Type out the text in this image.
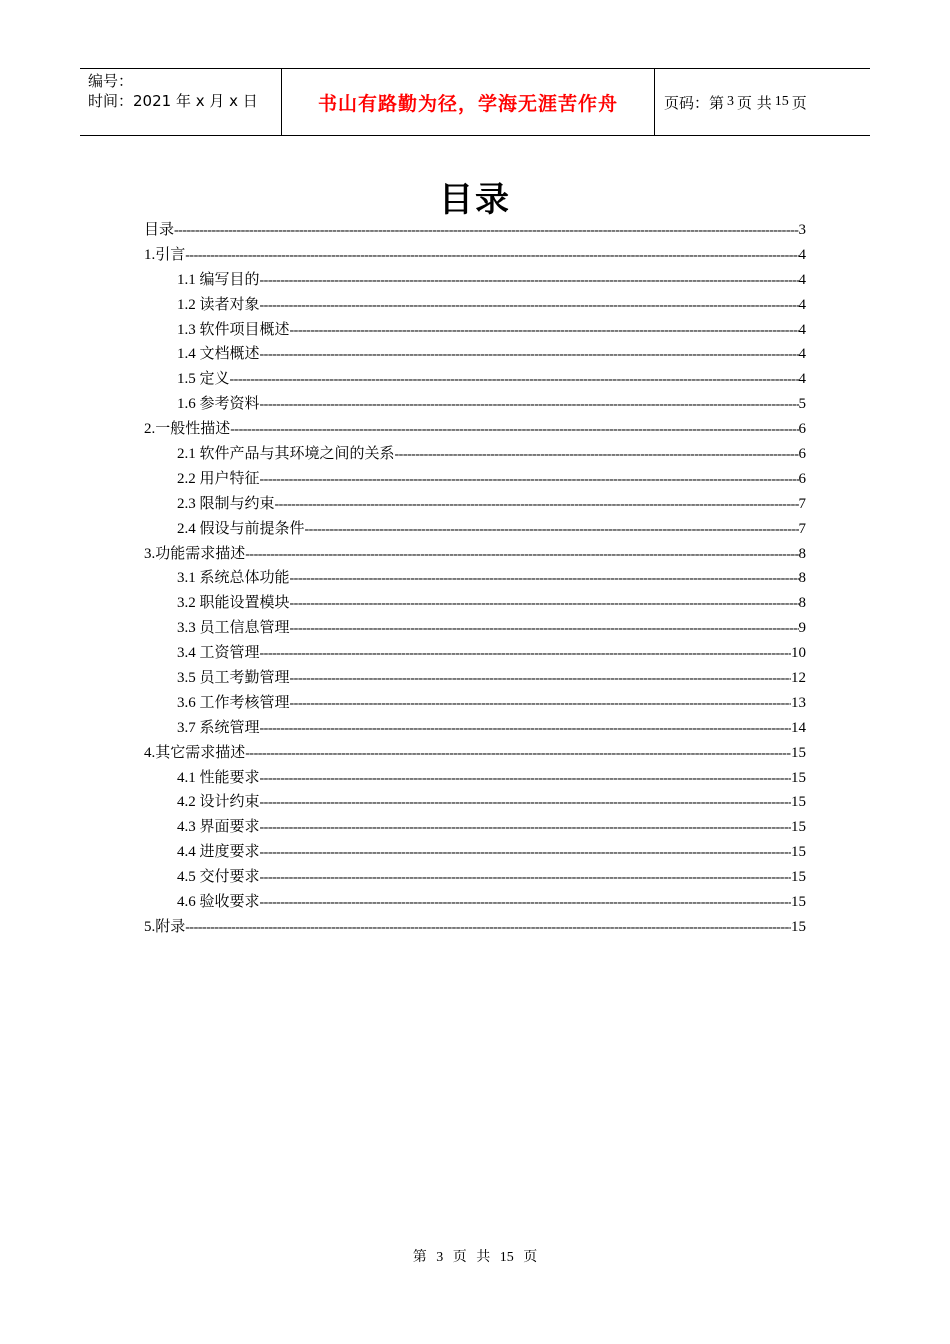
编号：
时间：2021 年 x 月 x 日	书山有路勤为径，学海无涯苦作舟	页码：第 3 页 共 15 页
目录
目录 -----	3
1.引言 -----	4
1.1 编写目的 -----	4
1.2 读者对象 -----	4
1.3 软件项目概述 -----	4
1.4 文档概述 -----	4
1.5 定义 -----	4
1.6 参考资料 -----	5
2.一般性描述 -----	6
2.1 软件产品与其环境之间的关系 -----	6
2.2 用户特征 -----	6
2.3 限制与约束 -----	7
2.4 假设与前提条件 -----	7
3.功能需求描述 -----	8
3.1 系统总体功能 -----	8
3.2 职能设置模块 -----	8
3.3 员工信息管理 -----	9
3.4 工资管理 -----	10
3.5 员工考勤管理 -----	12
3.6 工作考核管理 -----	13
3.7 系统管理 -----	14
4.其它需求描述 -----	15
4.1 性能要求 -----	15
4.2 设计约束 -----	15
4.3 界面要求 -----	15
4.4 进度要求 -----	15
4.5 交付要求 -----	15
4.6 验收要求 -----	15
5.附录 -----	15
第 3 页 共 15 页
